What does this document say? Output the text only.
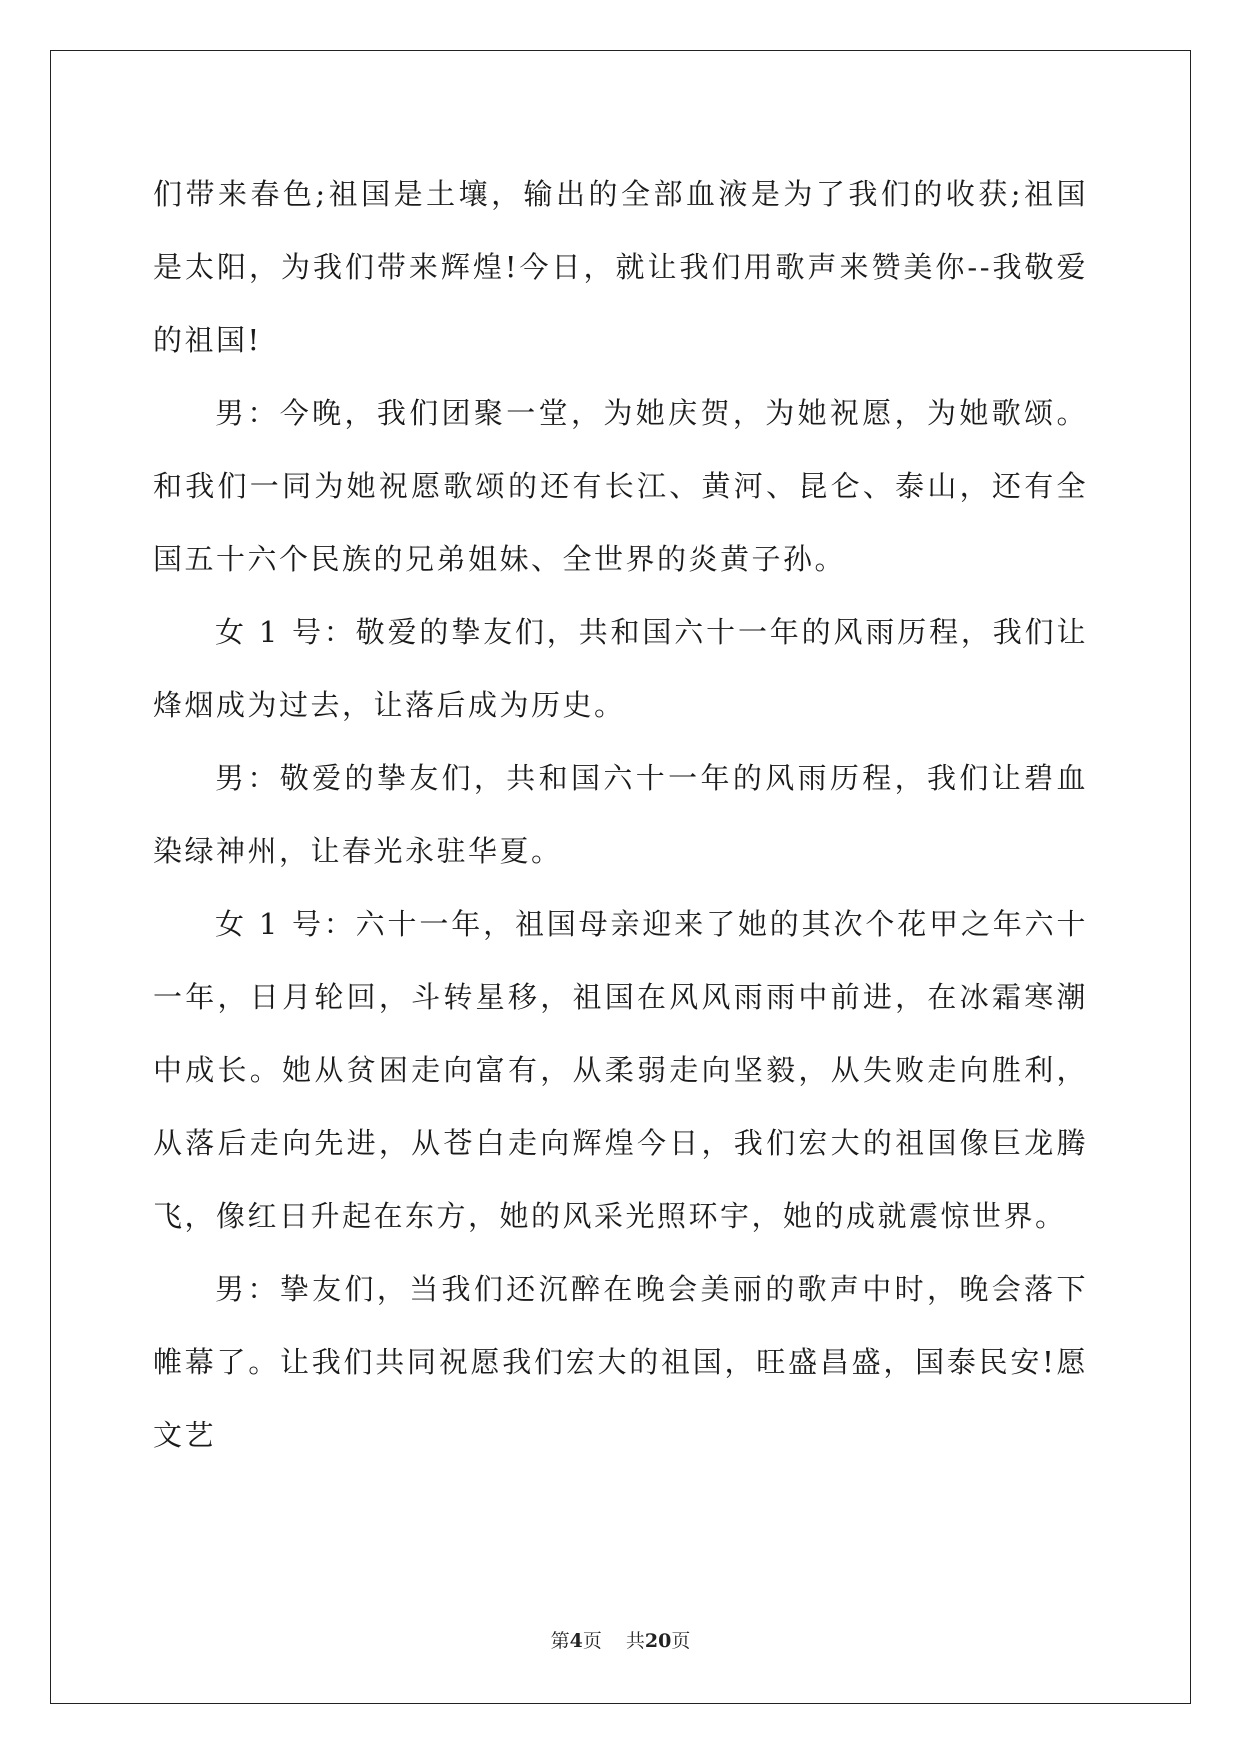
们带来春色;祖国是土壤，输出的全部血液是为了我们的收获;祖国是太阳，为我们带来辉煌!今日，就让我们用歌声来赞美你--我敬爱的祖国!

男：今晚，我们团聚一堂，为她庆贺，为她祝愿，为她歌颂。和我们一同为她祝愿歌颂的还有长江、黄河、昆仑、泰山，还有全国五十六个民族的兄弟姐妹、全世界的炎黄子孙。

女 1 号：敬爱的挚友们，共和国六十一年的风雨历程，我们让烽烟成为过去，让落后成为历史。

男：敬爱的挚友们，共和国六十一年的风雨历程，我们让碧血染绿神州，让春光永驻华夏。

女 1 号：六十一年，祖国母亲迎来了她的其次个花甲之年六十一年，日月轮回，斗转星移，祖国在风风雨雨中前进，在冰霜寒潮中成长。她从贫困走向富有，从柔弱走向坚毅，从失败走向胜利，从落后走向先进，从苍白走向辉煌今日，我们宏大的祖国像巨龙腾飞，像红日升起在东方，她的风采光照环宇，她的成就震惊世界。

男：挚友们，当我们还沉醉在晚会美丽的歌声中时，晚会落下帷幕了。让我们共同祝愿我们宏大的祖国，旺盛昌盛，国泰民安!愿文艺

第4页 共20页
